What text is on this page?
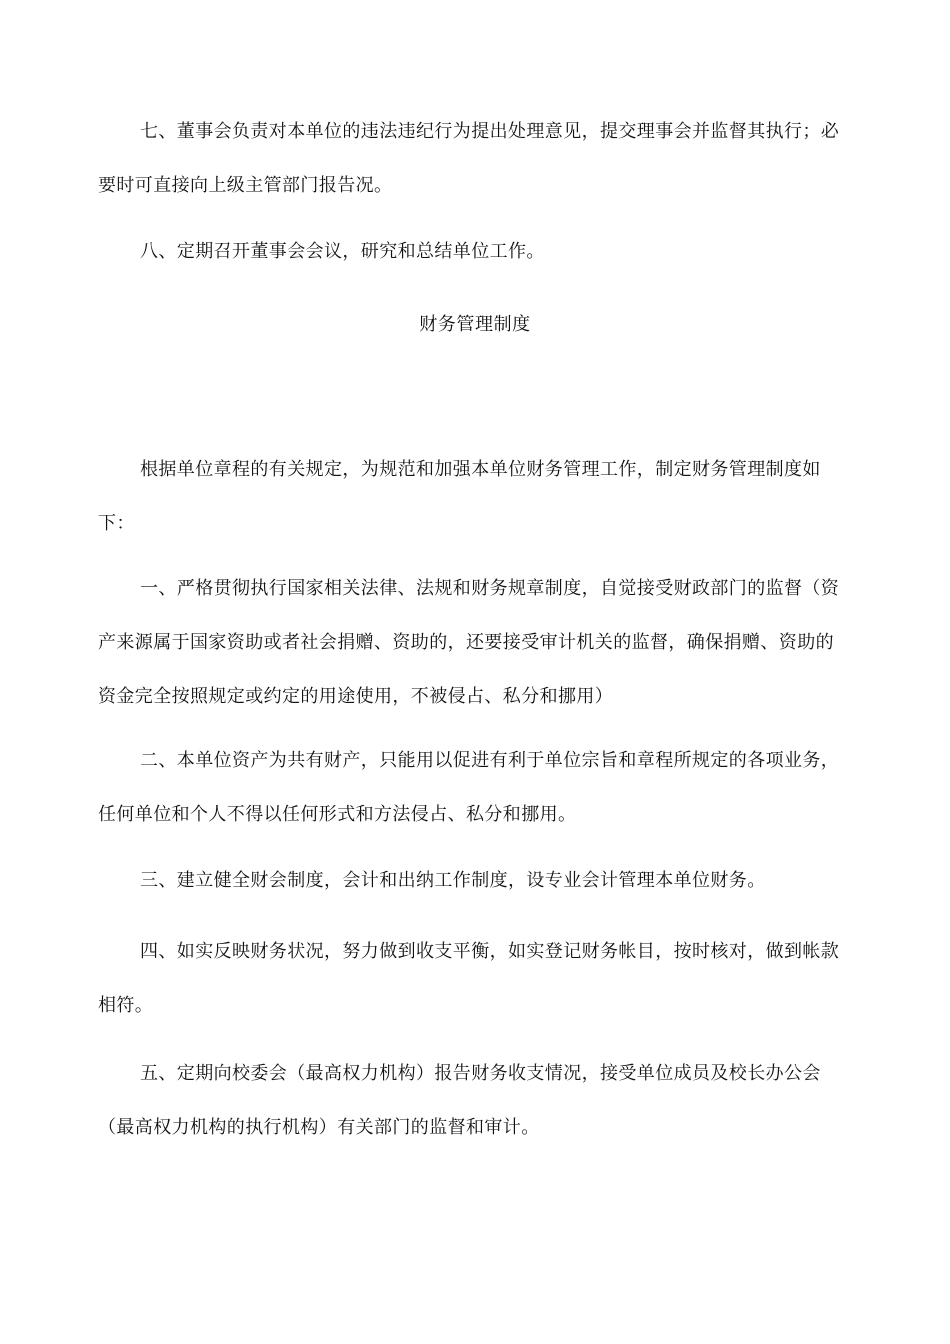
七、董事会负责对本单位的违法违纪行为提出处理意见，提交理事会并监督其执行；必要时可直接向上级主管部门报告况。

八、定期召开董事会会议，研究和总结单位工作。

财务管理制度

根据单位章程的有关规定，为规范和加强本单位财务管理工作，制定财务管理制度如下：

一、严格贯彻执行国家相关法律、法规和财务规章制度，自觉接受财政部门的监督（资产来源属于国家资助或者社会捐赠、资助的，还要接受审计机关的监督，确保捐赠、资助的资金完全按照规定或约定的用途使用，不被侵占、私分和挪用）

二、本单位资产为共有财产，只能用以促进有利于单位宗旨和章程所规定的各项业务，任何单位和个人不得以任何形式和方法侵占、私分和挪用。

三、建立健全财会制度，会计和出纳工作制度，设专业会计管理本单位财务。

四、如实反映财务状况，努力做到收支平衡，如实登记财务帐目，按时核对，做到帐款相符。

五、定期向校委会（最高权力机构）报告财务收支情况，接受单位成员及校长办公会（最高权力机构的执行机构）有关部门的监督和审计。
